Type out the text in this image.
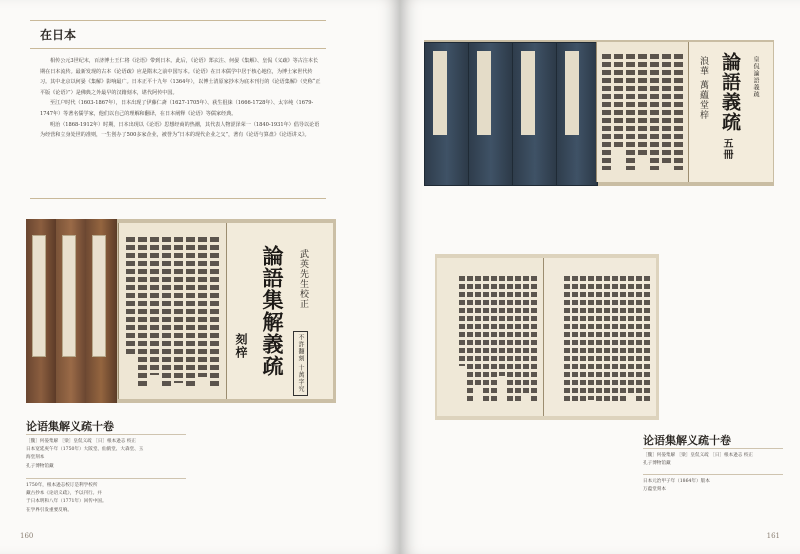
在日本

相传公元3世纪末，百济博士王仁将《论语》带到日本。此后，《论语》郑玄注、何晏《集解》、皇侃《义疏》等古注本长期在日本流传。最新发现的古本《论语疏》应是隋末之前中国写本。《论语》在日本儒学中居于核心地位，为博士家世代传习。其中北京以何晏《集解》影响最广。日本正平十九年（1364年），以博士清原家抄本为底本刊行的《论语集解》（史称“正平版《论语》”）是佛典之外最早的汉籍刻本，堪代阿传中国。

至江户时代（1603-1867年），日本出现了伊藤仁斋（1627-1705年）、荻生徂徕（1666-1728年）、太宰纯（1679-1747年）等著名儒学家，他们以自己的理解和翻译，在日本阐释《论语》等儒家经典。

明治（1868-1912年）时期，日本出现以《论语》思想经商的热潮，其代表人物涩泽荣一（1840-1931年）倡导以论语为经营和立身处世的准则，一生创办了500多家企业，被誉为“日本的现代企业之父”，著有《论语与算盘》《论语讲义》。

論語集解義疏 武英先生校正
刻梓	不許翻刻 十萬字究
论语集解义疏十卷

［魏］何晏集解 ［梁］皇侃义疏 ［日］根本逊志 校正

日本宽延庚午年（1750年）大阪堂、仙鹤堂、大森堂、玉

海堂刻本

孔子博物馆藏

1750年，根本逊志校订是利学校所

藏古抄本《论语义疏》，予以刊行。并

于日本明和八年（1771年）回传中国。

在学界引发重要反响。

160
論語義疏
五冊
浪華 萬藴堂梓	皇侃論語義疏
论语集解义疏十卷

［魏］何晏集解 ［梁］皇侃义疏 ［日］根本逊志 校正

孔子博物馆藏

日本元治甲子年（1864年）版本

万蕴堂刻本

161
